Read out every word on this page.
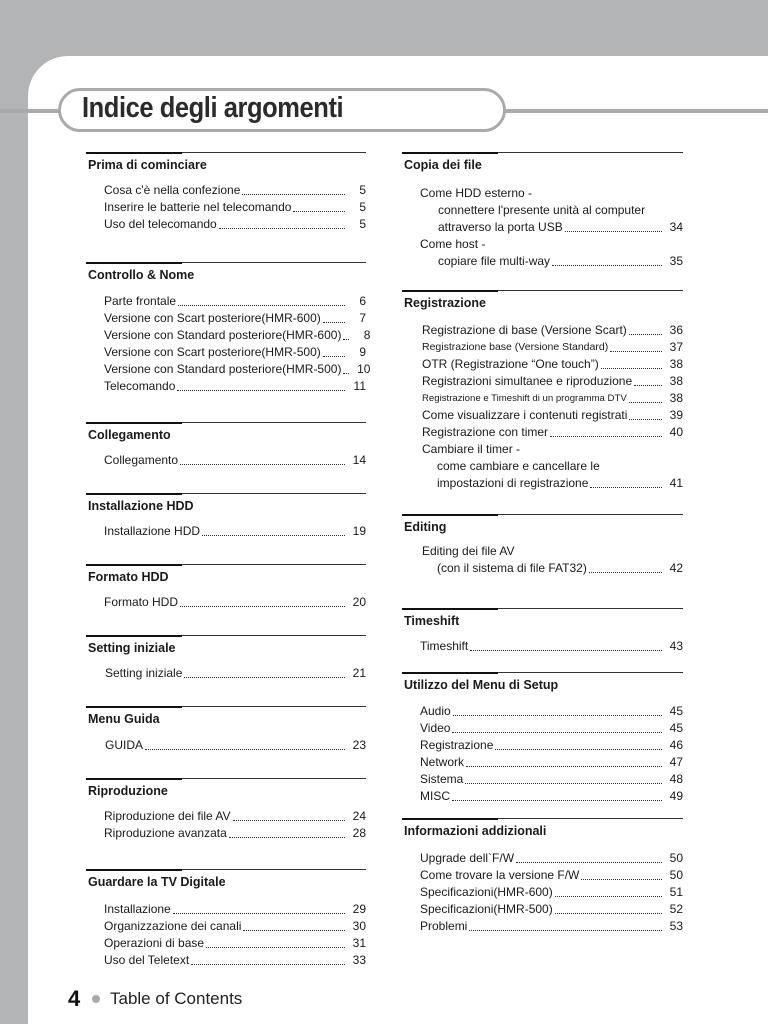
Indice degli argomenti
Prima di cominciare
Cosa c'è nella confezione	5
Inserire le batterie nel telecomando	5
Uso del telecomando	5
Controllo & Nome
Parte frontale	6
Versione con Scart posteriore(HMR-600)	7
Versione con Standard posteriore(HMR-600)	8
Versione con Scart posteriore(HMR-500)	9
Versione con Standard posteriore(HMR-500)	10
Telecomando	11
Collegamento
Collegamento	14
Installazione HDD
Installazione HDD	19
Formato HDD
Formato HDD	20
Setting iniziale
Setting iniziale	21
Menu Guida
GUIDA	23
Riproduzione
Riproduzione dei file AV	24
Riproduzione avanzata	28
Guardare la TV Digitale
Installazione	29
Organizzazione dei canali	30
Operazioni di base	31
Uso del Teletext	33
Copia dei file
Come HDD esterno -
connettere l'presente unità al computer
attraverso la porta USB	34
Come host -
copiare file multi-way	35
Registrazione
Registrazione di base (Versione Scart)	36
Registrazione base (Versione Standard)	37
OTR (Registrazione “One touch”)	38
Registrazioni simultanee e riproduzione	38
Registrazione e Timeshift di un programma DTV	38
Come visualizzare i contenuti registrati	39
Registrazione con timer	40
Cambiare il timer -
come cambiare e cancellare le
impostazioni di registrazione	41
Editing
Editing dei file AV
(con il sistema di file FAT32)	42
Timeshift
Timeshift	43
Utilizzo del Menu di Setup
Audio	45
Video	45
Registrazione	46
Network	47
Sistema	48
MISC	49
Informazioni addizionali
Upgrade dell`F/W	50
Come trovare la versione F/W	50
Specificazioni(HMR-600)	51
Specificazioni(HMR-500)	52
Problemi	53
4 Table of Contents
